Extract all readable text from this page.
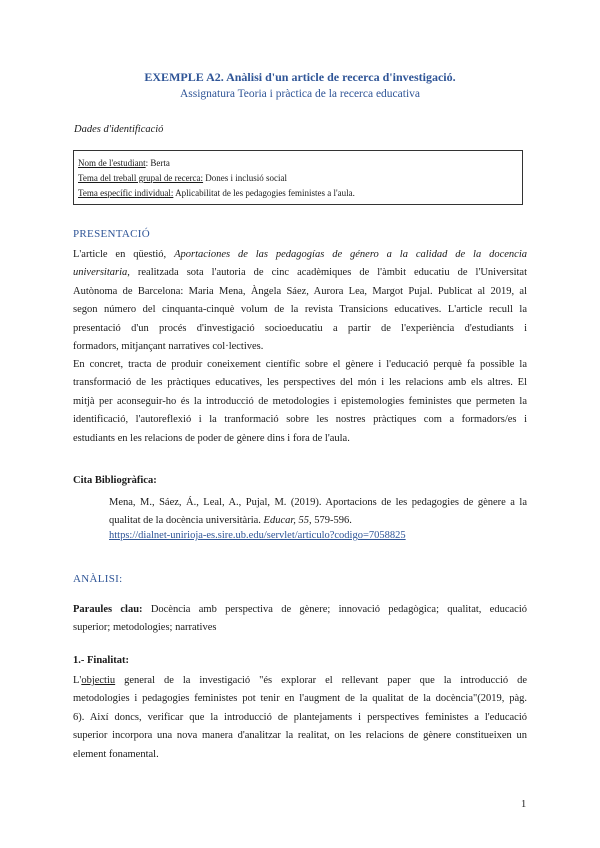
EXEMPLE A2. Anàlisi d'un article de recerca d'investigació.
Assignatura Teoria i pràctica de la recerca educativa
Dades d'identificació
Nom de l'estudiant: Berta
Tema del treball grupal de recerca: Dones i inclusió social
Tema específic individual: Aplicabilitat de les pedagogies feministes a l'aula.
PRESENTACIÓ
L'article en qüestió, Aportaciones de las pedagogías de género a la calidad de la docencia
universitaria, realitzada sota l'autoria de cinc acadèmiques de l'àmbit educatiu de l'Universitat
Autònoma de Barcelona: Maria Mena, Àngela Sáez, Aurora Lea, Margot Pujal. Publicat al 2019, al
segon número del cinquanta-cinquè volum de la revista Transicions educatives. L'article recull la
presentació d'un procés d'investigació socioeducatiu a partir de l'experiència d'estudiants i
formadors, mitjançant narratives col·lectives.
En concret, tracta de produir coneixement científic sobre el gènere i l'educació perquè fa possible la
transformació de les pràctiques educatives, les perspectives del món i les relacions amb els altres. El
mitjà per aconseguir-ho és la introducció de metodologies i epistemologies feministes que permeten la
identificació, l'autoreflexió i la tranformació sobre les nostres pràctiques com a formadors/es i
estudiants en les relacions de poder de gènere dins i fora de l'aula.
Cita Bibliogràfica:
Mena, M., Sáez, Á., Leal, A., Pujal, M. (2019). Aportacions de les pedagogies de gènere a la
qualitat de la docència universitària. Educar, 55, 579-596.
https://dialnet-unirioja-es.sire.ub.edu/servlet/articulo?codigo=7058825
ANÀLISI:
Paraules clau: Docència amb perspectiva de gènere; innovació pedagògica; qualitat, educació
superior; metodologies; narratives
1.- Finalitat:
L'objectiu general de la investigació "és explorar el rellevant paper que la introducció de
metodologies i pedagogies feministes pot tenir en l'augment de la qualitat de la docència"(2019, pàg.
6). Així doncs, verificar que la introducció de plantejaments i perspectives feministes a l'educació
superior incorpora una nova manera d'analitzar la realitat, on les relacions de gènere constitueixen un
element fonamental.
1
